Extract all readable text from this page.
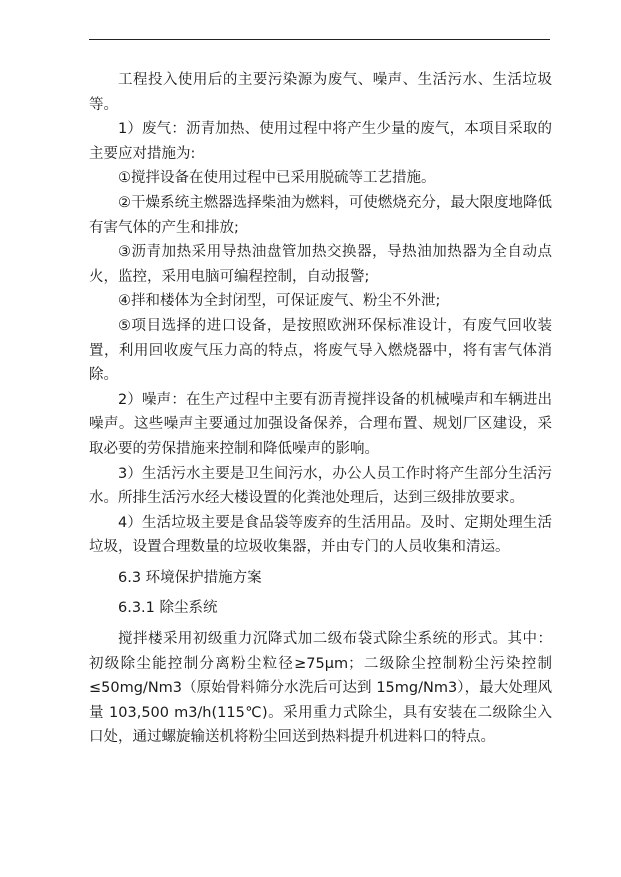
工程投入使用后的主要污染源为废气、噪声、生活污水、生活垃圾等。

1）废气：沥青加热、使用过程中将产生少量的废气，本项目采取的主要应对措施为:

①搅拌设备在使用过程中已采用脱硫等工艺措施。

②干燥系统主燃器选择柴油为燃料，可使燃烧充分，最大限度地降低有害气体的产生和排放;

③沥青加热采用导热油盘管加热交换器，导热油加热器为全自动点火，监控，采用电脑可编程控制，自动报警;

④拌和楼体为全封闭型，可保证废气、粉尘不外泄;

⑤项目选择的进口设备，是按照欧洲环保标准设计，有废气回收装置，利用回收废气压力高的特点，将废气导入燃烧器中，将有害气体消除。

2）噪声：在生产过程中主要有沥青搅拌设备的机械噪声和车辆进出噪声。这些噪声主要通过加强设备保养，合理布置、规划厂区建设，采取必要的劳保措施来控制和降低噪声的影响。

3）生活污水主要是卫生间污水，办公人员工作时将产生部分生活污水。所排生活污水经大楼设置的化粪池处理后，达到三级排放要求。

4）生活垃圾主要是食品袋等废弃的生活用品。及时、定期处理生活垃圾，设置合理数量的垃圾收集器，并由专门的人员收集和清运。

6.3 环境保护措施方案

6.3.1 除尘系统

搅拌楼采用初级重力沉降式加二级布袋式除尘系统的形式。其中：初级除尘能控制分离粉尘粒径≥75μm；二级除尘控制粉尘污染控制≤50mg/Nm3（原始骨料筛分水洗后可达到 15mg/Nm3），最大处理风量 103,500 m3/h(115℃)。采用重力式除尘，具有安装在二级除尘入口处，通过螺旋输送机将粉尘回送到热料提升机进料口的特点。
